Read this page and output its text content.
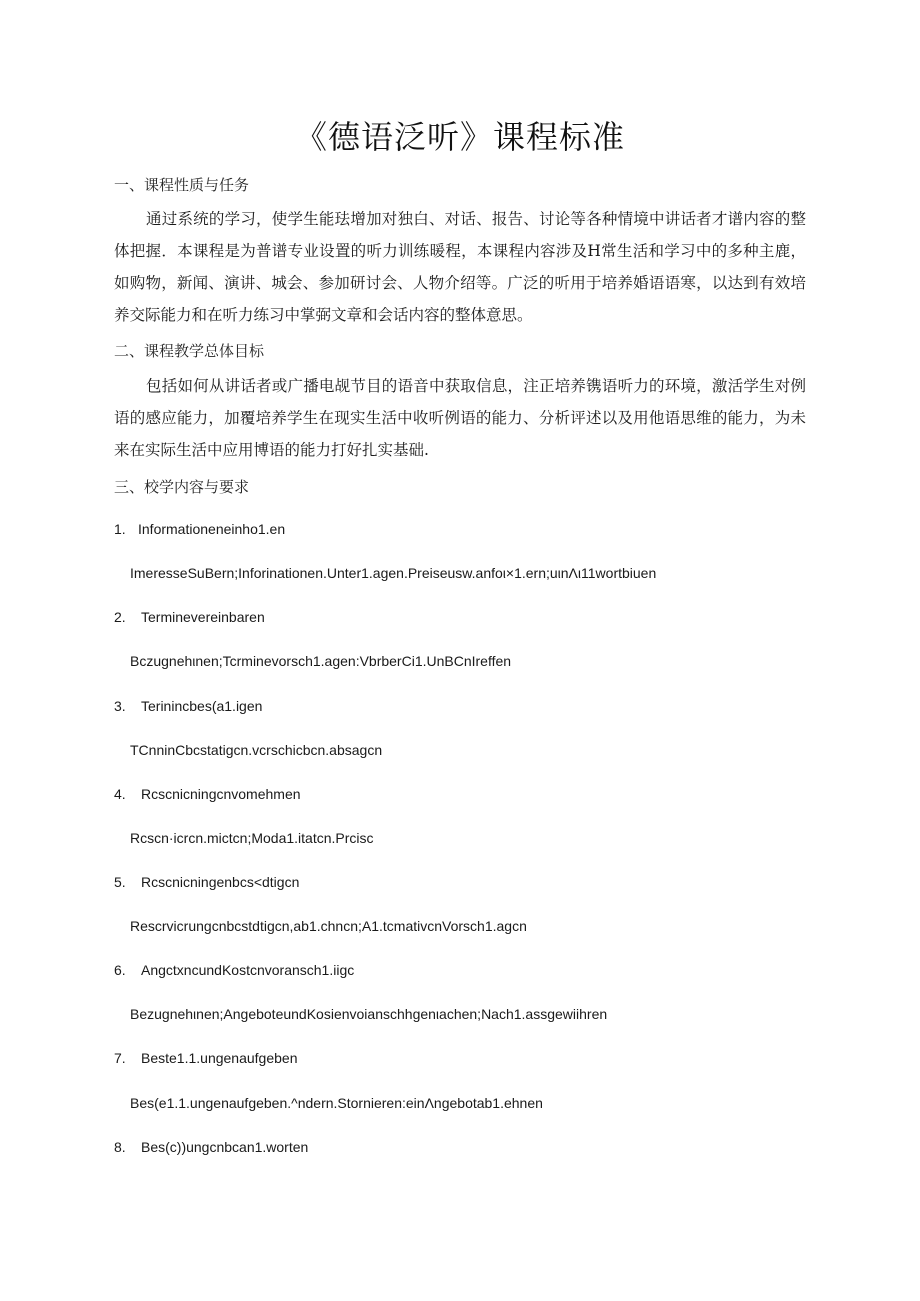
《德语泛听》课程标准
一、课程性质与任务
通过系统的学习，使学生能珐增加对独白、对话、报告、讨论等各种情境中讲话者才谱内容的整体把握．本课程是为普谱专业设置的听力训练暖程，本课程内容涉及H常生活和学习中的多种主鹿，如购物，新闻、演讲、城会、参加研讨会、人物介绍等。广泛的听用于培养婚语语寒，以达到有效培养交际能力和在听力练习中掌弼文章和会话内容的整体意思。
二、课程教学总体目标
包括如何从讲话者或广播电觇节目的语音中获取信息，注正培养镌语听力的环境，激活学生对例语的感应能力，加覆培养学生在现实生活中收听例语的能力、分析评述以及用他语思维的能力，为未来在实际生活中应用博语的能力打好扎实基础.
三、校学内容与要求
1. Informationeneinho1.en
ImeresseSuBern;Inforinationen.Unter1.agen.Preiseusw.anfoι×1.ern;uιnΛι11wortbiuen
2. Terminevereinbaren
Bczugnehιnen;Tcrminevorsch1.agen:VbrberCi1.UnBCnIreffen
3. Terinincbes(a1.igen
TCnninCbcstatigcn.vcrschicbcn.absagcn
4. Rcscnicningcnvomehmen
Rcscn·icrcn.mictcn;Moda1.itatcn.Prcisc
5. Rcscnicningenbcs<dtigcn
Rescrvicrungcnbcstdtigcn,ab1.chncn;A1.tcmativcnVorsch1.agcn
6. AngctxncundKostcnvoransch1.iigc
Bezugnehιnen;AngeboteundKosienvoianschhgenιachen;Nach1.assgewiihren
7. Beste1.1.ungenaufgeben
Bes(e1.1.ungenaufgeben.^ndern.Stornieren:einΛngebotab1.ehnen
8. Bes(c))ungcnbcan1.worten
